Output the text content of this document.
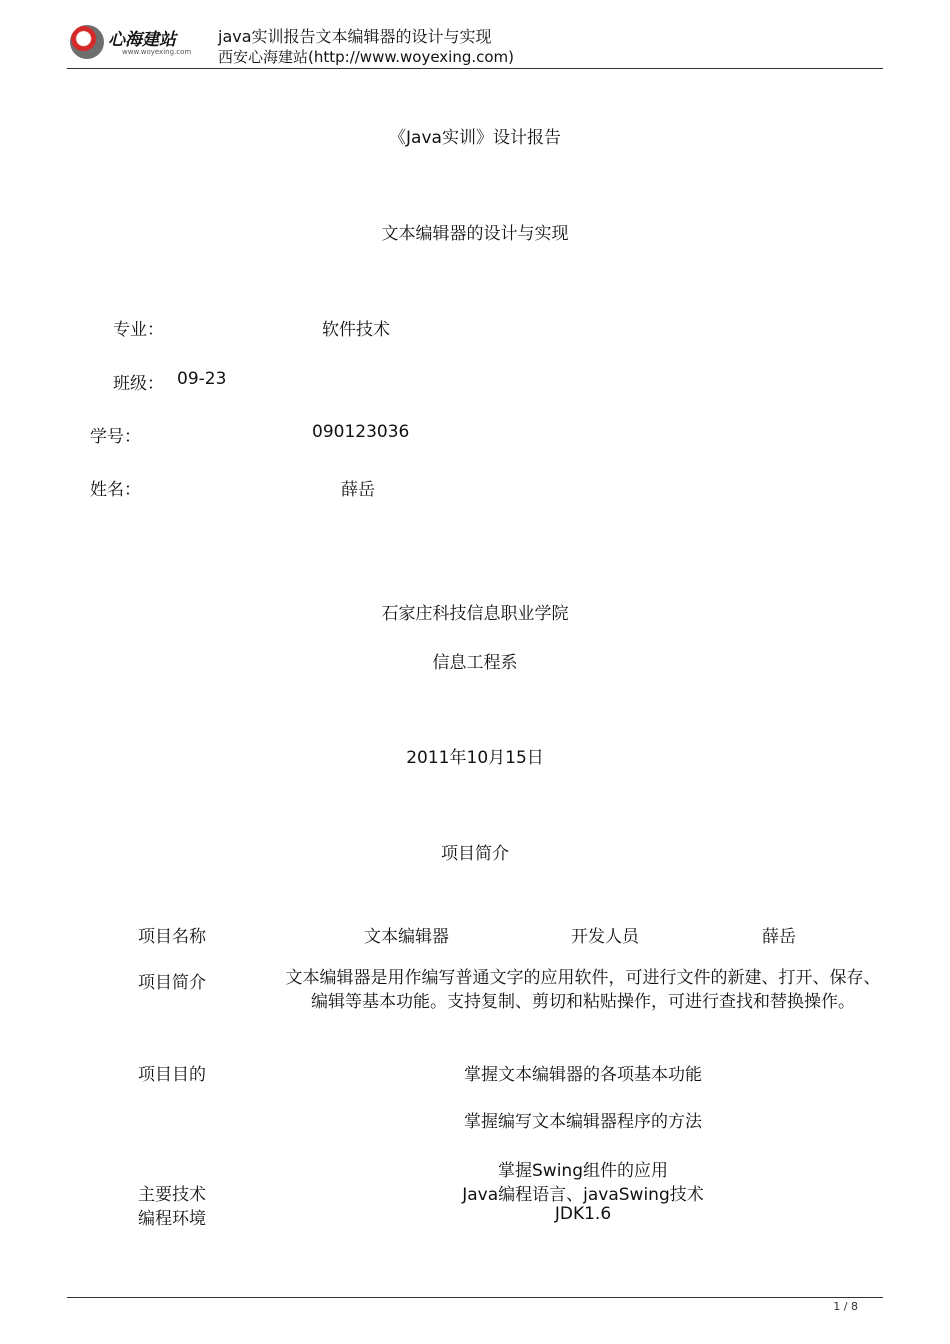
心海建站
www.woyexing.com
java实训报告文本编辑器的设计与实现
西安心海建站(http://www.woyexing.com)
《Java实训》设计报告
文本编辑器的设计与实现
专业：	软件技术
班级： 09-23
学号：	090123036
姓名：	薛岳
石家庄科技信息职业学院
信息工程系
2011年10月15日
项目简介
项目名称	文本编辑器	开发人员	薛岳
项目简介	文本编辑器是用作编写普通文字的应用软件，可进行文件的新建、打开、保存、编辑等基本功能。支持复制、剪切和粘贴操作，可进行查找和替换操作。
项目目的	掌握文本编辑器的各项基本功能
掌握编写文本编辑器程序的方法
掌握Swing组件的应用
主要技术	Java编程语言、javaSwing技术
编程环境	JDK1.6
1 / 8
